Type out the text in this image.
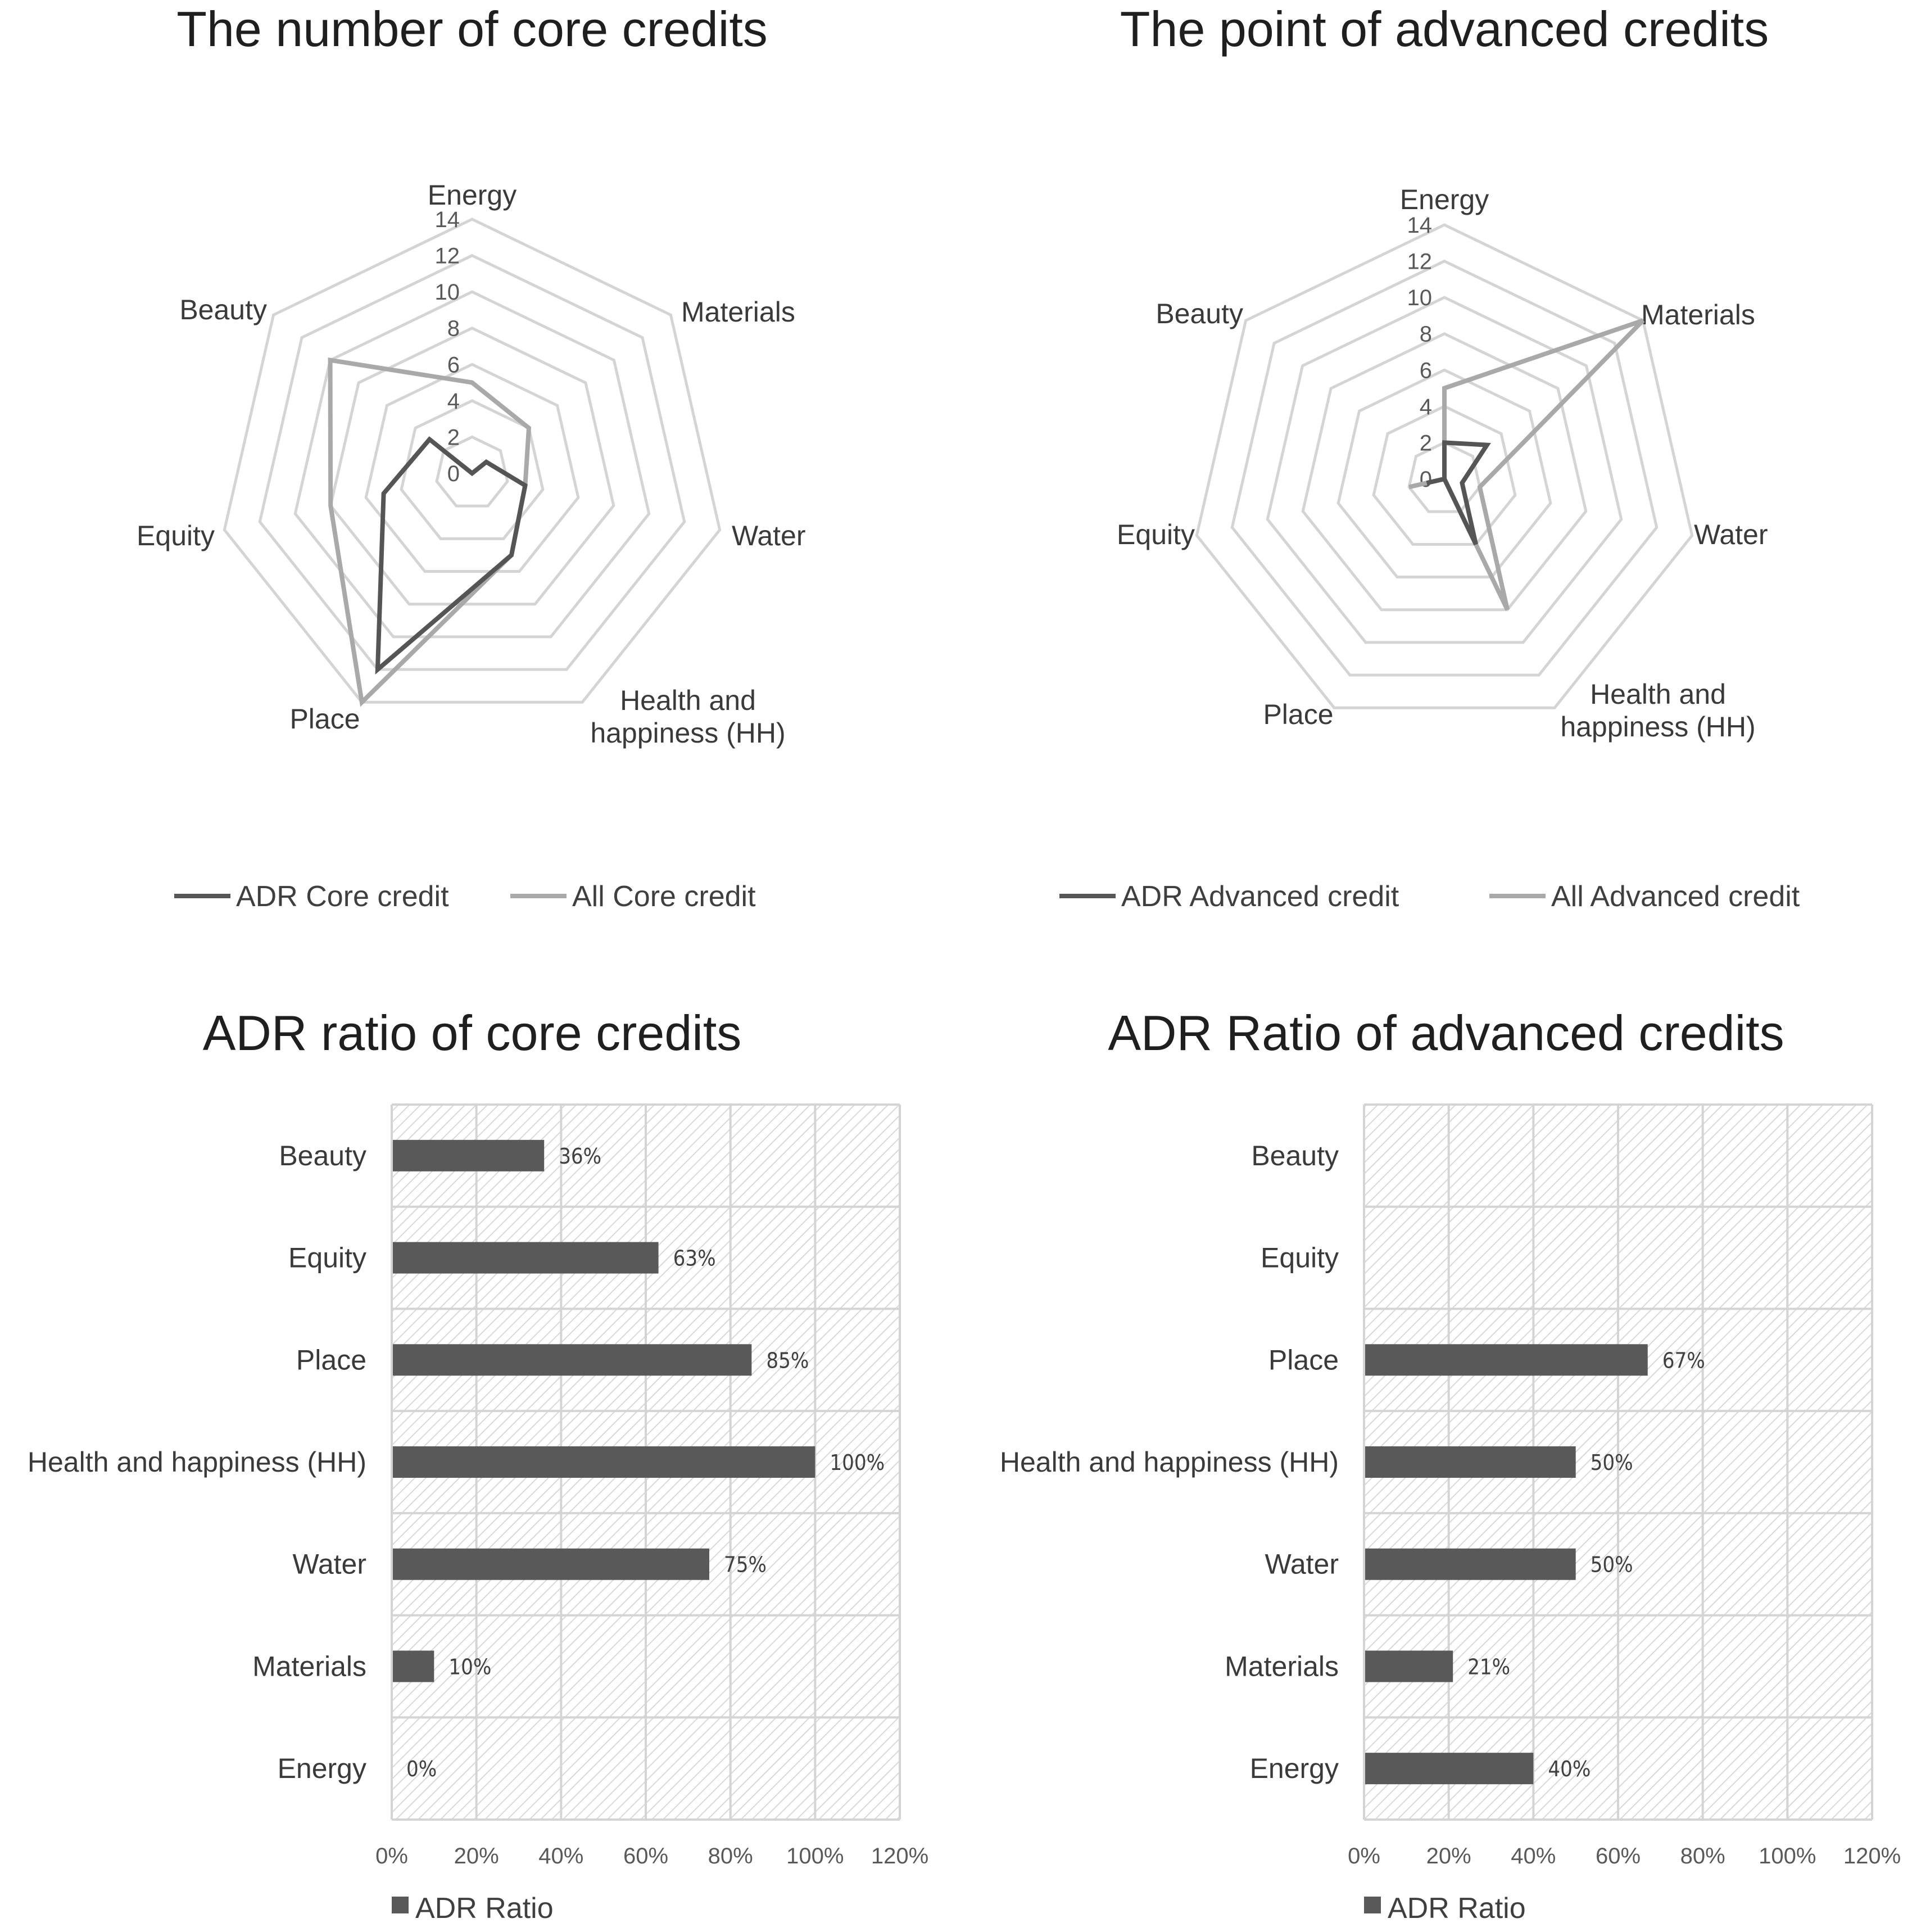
The number of core credits
0
2
4
6
8
10
12
14
Energy
Materials
Water
Health and
happiness (HH)
Place
Equity
Beauty
ADR Core credit	All Core credit
The point of advanced credits
0
2
4
6
8
10
12
14
Energy
Materials
Water
Health and
happiness (HH)
Place
Equity
Beauty
ADR Advanced credit	All Advanced credit
ADR ratio of core credits
0% 20% 40% 60% 80% 100% 120%
Beauty	36%
Equity	63%
Place	85%
Health and happiness (HH)	100%
Water	75%
Materials	10%
Energy 0%
ADR Ratio
ADR Ratio of advanced credits
0% 20% 40% 60% 80% 100% 120%
Beauty
Equity
Place	67%
Health and happiness (HH)	50%
Water	50%
Materials	21%
Energy	40%
ADR Ratio
